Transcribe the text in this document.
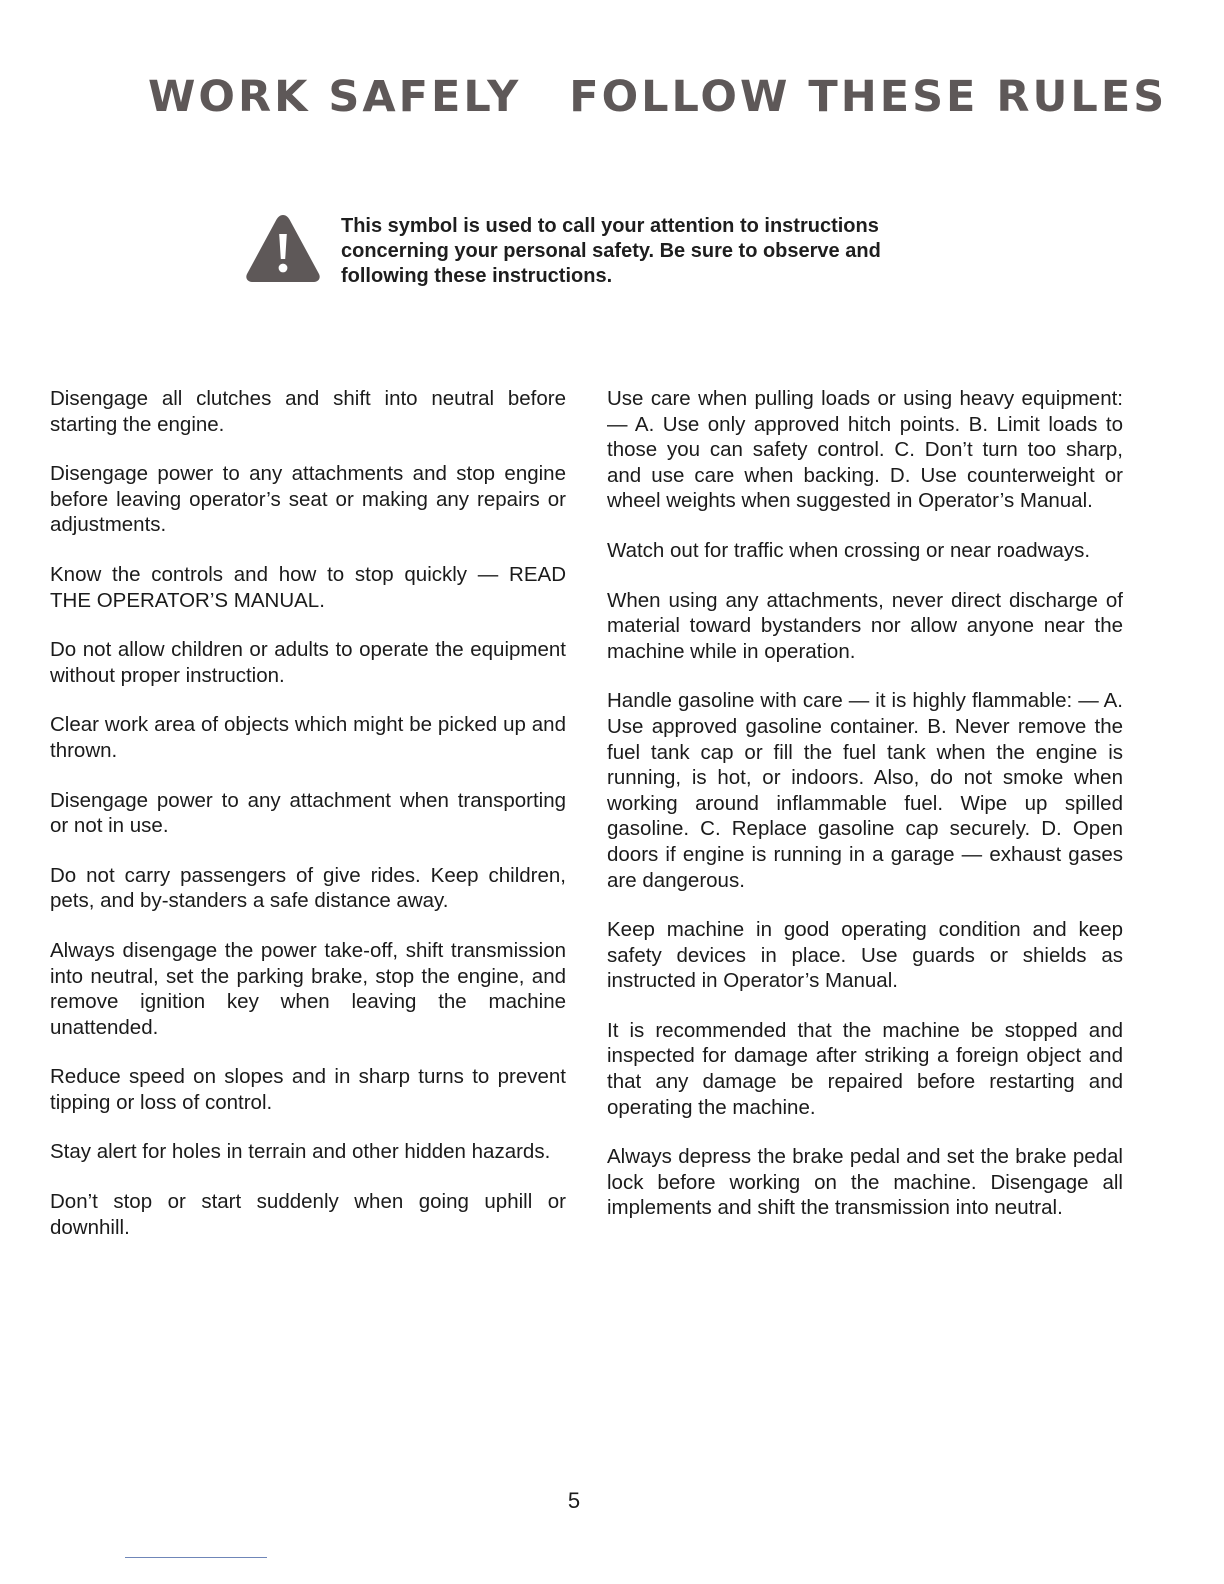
WORK SAFELY FOLLOW THESE RULES

This symbol is used to call your attention to instructions concerning your personal safety. Be sure to observe and following these instructions.

Disengage all clutches and shift into neutral before starting the engine.

Disengage power to any attachments and stop engine before leaving operator’s seat or making any repairs or adjustments.

Know the controls and how to stop quickly — READ THE OPERATOR’S MANUAL.

Do not allow children or adults to operate the equipment without proper instruction.

Clear work area of objects which might be picked up and thrown.

Disengage power to any attachment when transporting or not in use.

Do not carry passengers of give rides. Keep children, pets, and by-standers a safe distance away.

Always disengage the power take-off, shift transmission into neutral, set the parking brake, stop the engine, and remove ignition key when leaving the machine unattended.

Reduce speed on slopes and in sharp turns to prevent tipping or loss of control.

Stay alert for holes in terrain and other hidden hazards.

Don’t stop or start suddenly when going uphill or downhill.

Use care when pulling loads or using heavy equipment: — A. Use only approved hitch points. B. Limit loads to those you can safety control. C. Don’t turn too sharp, and use care when backing. D. Use counterweight or wheel weights when suggested in Operator’s Manual.

Watch out for traffic when crossing or near roadways.

When using any attachments, never direct discharge of material toward bystanders nor allow anyone near the machine while in operation.

Handle gasoline with care — it is highly flammable: — A. Use approved gasoline container. B. Never remove the fuel tank cap or fill the fuel tank when the engine is running, is hot, or indoors. Also, do not smoke when working around inflammable fuel. Wipe up spilled gasoline. C. Replace gasoline cap securely. D. Open doors if engine is running in a garage — exhaust gases are dangerous.

Keep machine in good operating condition and keep safety devices in place. Use guards or shields as instructed in Operator’s Manual.

It is recommended that the machine be stopped and inspected for damage after striking a foreign object and that any damage be repaired before restarting and operating the machine.

Always depress the brake pedal and set the brake pedal lock before working on the machine. Disengage all implements and shift the transmission into neutral.

5
